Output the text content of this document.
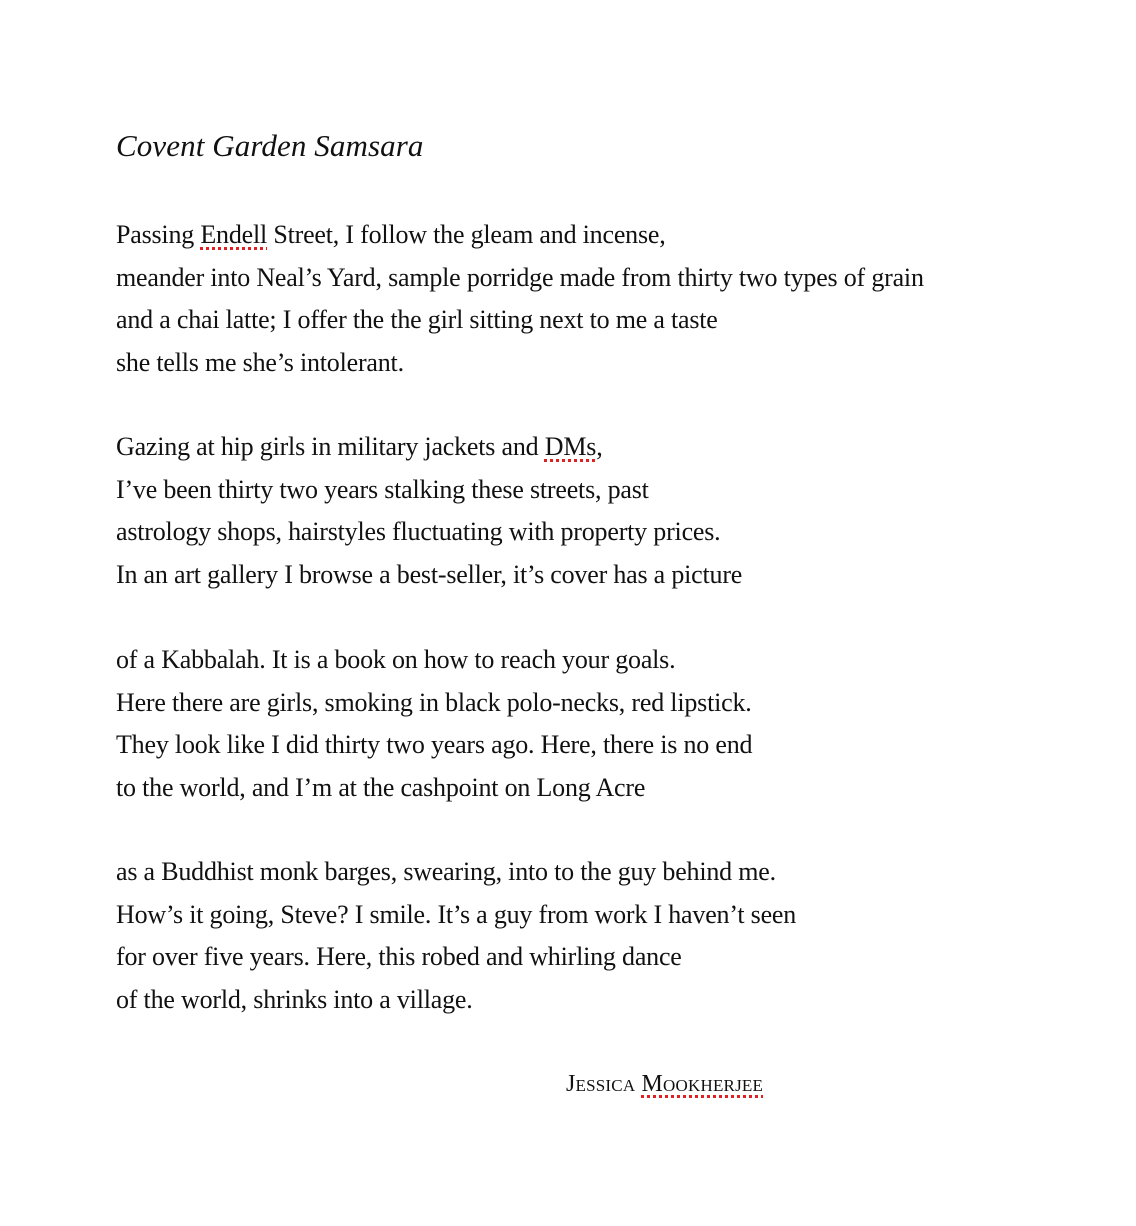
Covent Garden Samsara
Passing Endell Street, I follow the gleam and incense,
meander into Neal’s Yard, sample porridge made from thirty two types of grain
and a chai latte; I offer the the girl sitting next to me a taste
she tells me she’s intolerant.
Gazing at hip girls in military jackets and DMs,
I’ve been thirty two years stalking these streets, past
astrology shops, hairstyles fluctuating with property prices.
In an art gallery I browse a best-seller, it’s cover has a picture
of a Kabbalah. It is a book on how to reach your goals.
Here there are girls, smoking in black polo-necks, red lipstick.
They look like I did thirty two years ago. Here, there is no end
to the world, and I’m at the cashpoint on Long Acre
as a Buddhist monk barges, swearing, into to the guy behind me.
How’s it going, Steve? I smile. It’s a guy from work I haven’t seen
for over five years. Here, this robed and whirling dance
of the world, shrinks into a village.
Jessica Mookherjee
